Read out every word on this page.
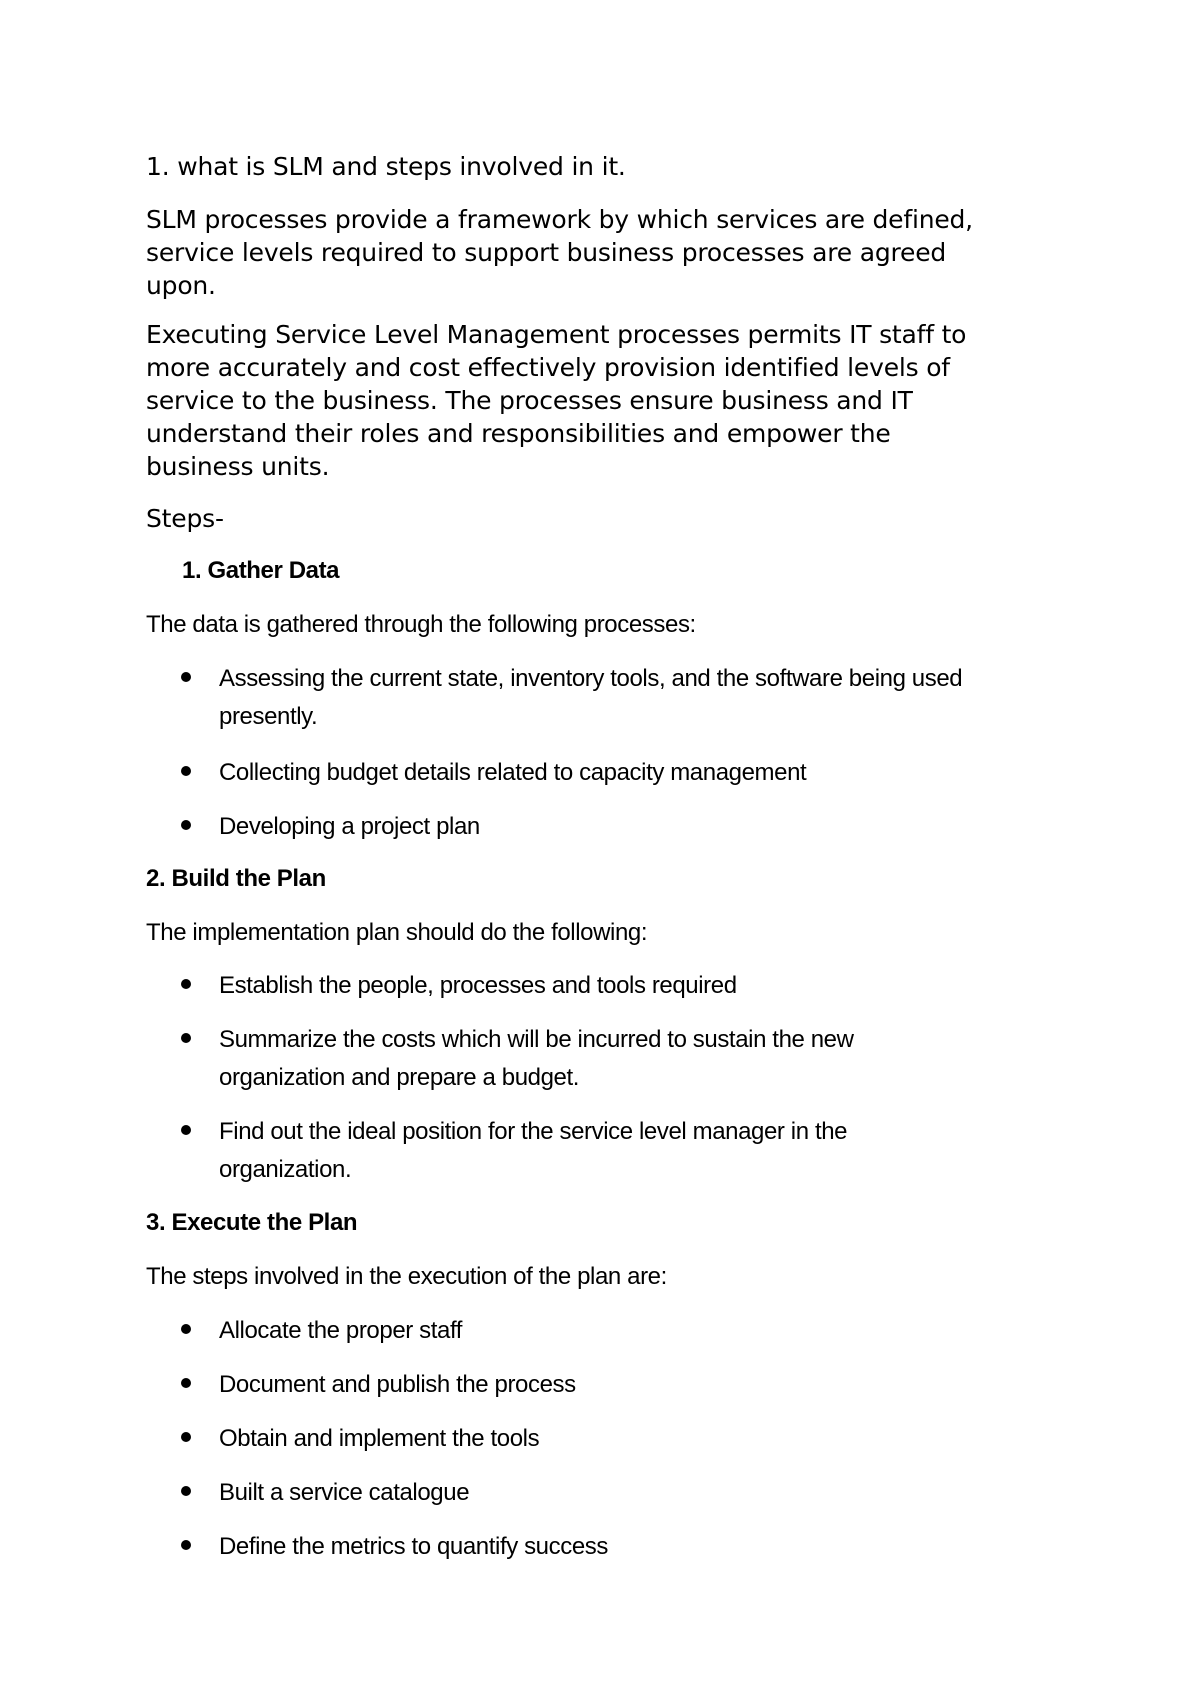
1. what is SLM and steps involved in it.
SLM processes provide a framework by which services are defined,
service levels required to support business processes are agreed
upon.
Executing Service Level Management processes permits IT staff to
more accurately and cost effectively provision identified levels of
service to the business. The processes ensure business and IT
understand their roles and responsibilities and empower the
business units.
Steps-
1. Gather Data
The data is gathered through the following processes:
Assessing the current state, inventory tools, and the software being used
presently.
Collecting budget details related to capacity management
Developing a project plan
2. Build the Plan
The implementation plan should do the following:
Establish the people, processes and tools required
Summarize the costs which will be incurred to sustain the new
organization and prepare a budget.
Find out the ideal position for the service level manager in the
organization.
3. Execute the Plan
The steps involved in the execution of the plan are:
Allocate the proper staff
Document and publish the process
Obtain and implement the tools
Built a service catalogue
Define the metrics to quantify success
